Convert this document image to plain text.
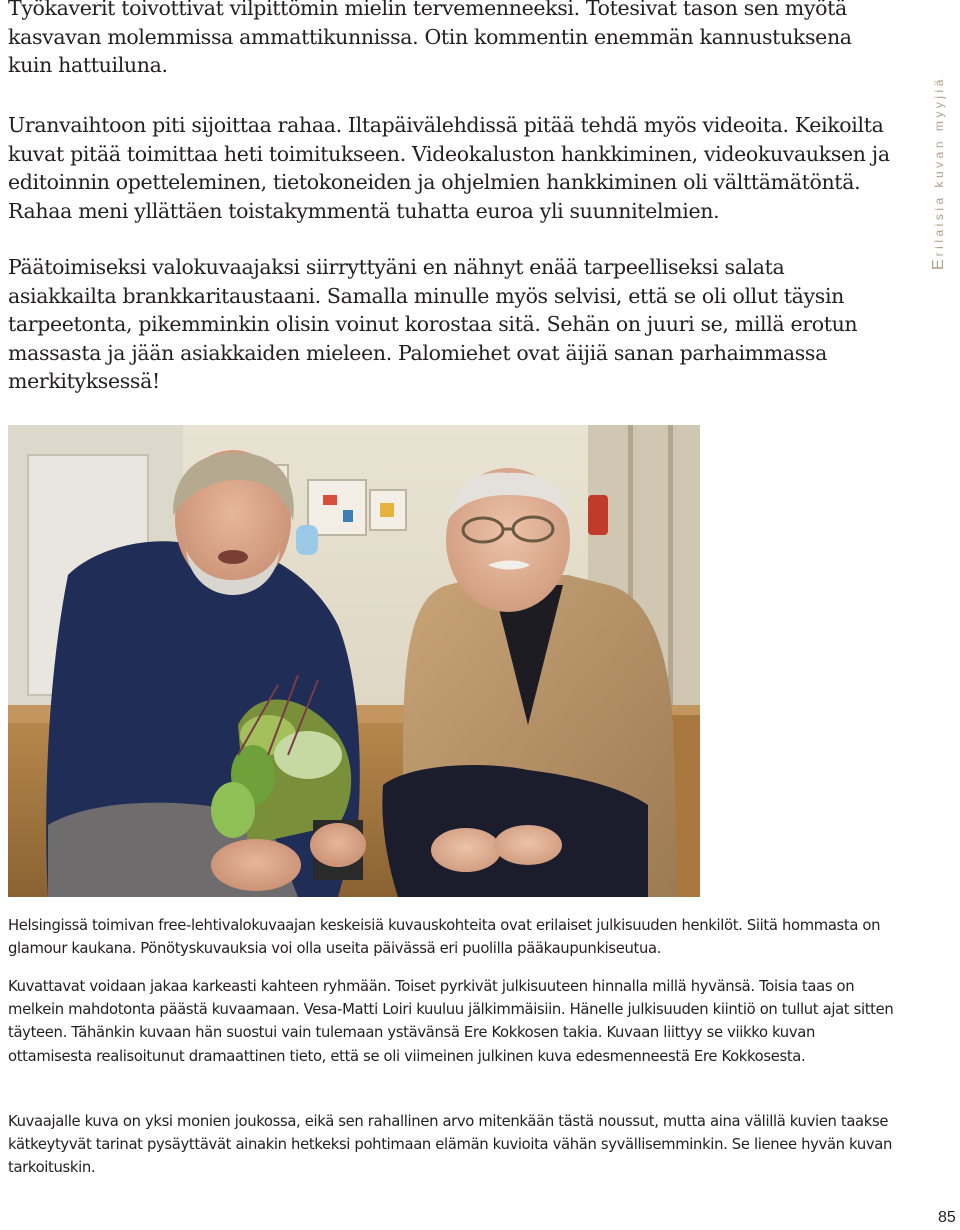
Työkaverit toivottivat vilpittömin mielin tervemenneeksi. Totesivat tason sen myötä kasvavan molemmissa ammattikunnissa. Otin kommentin enemmän kannustuksena kuin hattuiluna.

Uranvaihtoon piti sijoittaa rahaa. Iltapäivälehdissä pitää tehdä myös videoita. Keikoilta kuvat pitää toimittaa heti toimitukseen. Videokaluston hankkiminen, videokuvauksen ja editoinnin opetteleminen, tietokoneiden ja ohjelmien hankkiminen oli välttämätöntä. Rahaa meni yllättäen toistakymmentä tuhatta euroa yli suunnitelmien.

Päätoimiseksi valokuvaajaksi siirryttyäni en nähnyt enää tarpeelliseksi salata asiakkailta brankkaritaustaani. Samalla minulle myös selvisi, että se oli ollut täysin tarpeetonta, pikemminkin olisin voinut korostaa sitä. Sehän on juuri se, millä erotun massasta ja jään asiakkaiden mieleen. Palomiehet ovat äijiä sanan parhaimmassa merkityksessä!

Erilaisia kuvan myyjiä

Helsingissä toimivan free-lehtivalokuvaajan keskeisiä kuvauskohteita ovat erilaiset julkisuuden henkilöt. Siitä hommasta on glamour kaukana. Pönötyskuvauksia voi olla useita päivässä eri puolilla pääkaupunkiseutua.

Kuvattavat voidaan jakaa karkeasti kahteen ryhmään. Toiset pyrkivät julkisuuteen hinnalla millä hyvänsä. Toisia taas on melkein mahdotonta päästä kuvaamaan. Vesa-Matti Loiri kuuluu jälkimmäisiin. Hänelle julkisuuden kiintiö on tullut ajat sitten täyteen. Tähänkin kuvaan hän suostui vain tulemaan ystävänsä Ere Kokkosen takia. Kuvaan liittyy se viikko kuvan ottamisesta realisoitunut dramaattinen tieto, että se oli viimeinen julkinen kuva edesmenneestä Ere Kokkosesta.

Kuvaajalle kuva on yksi monien joukossa, eikä sen rahallinen arvo mitenkään tästä noussut, mutta aina välillä kuvien taakse kätkeytyvät tarinat pysäyttävät ainakin hetkeksi pohtimaan elämän kuvioita vähän syvällisemminkin. Se lienee hyvän kuvan tarkoituskin.

85
